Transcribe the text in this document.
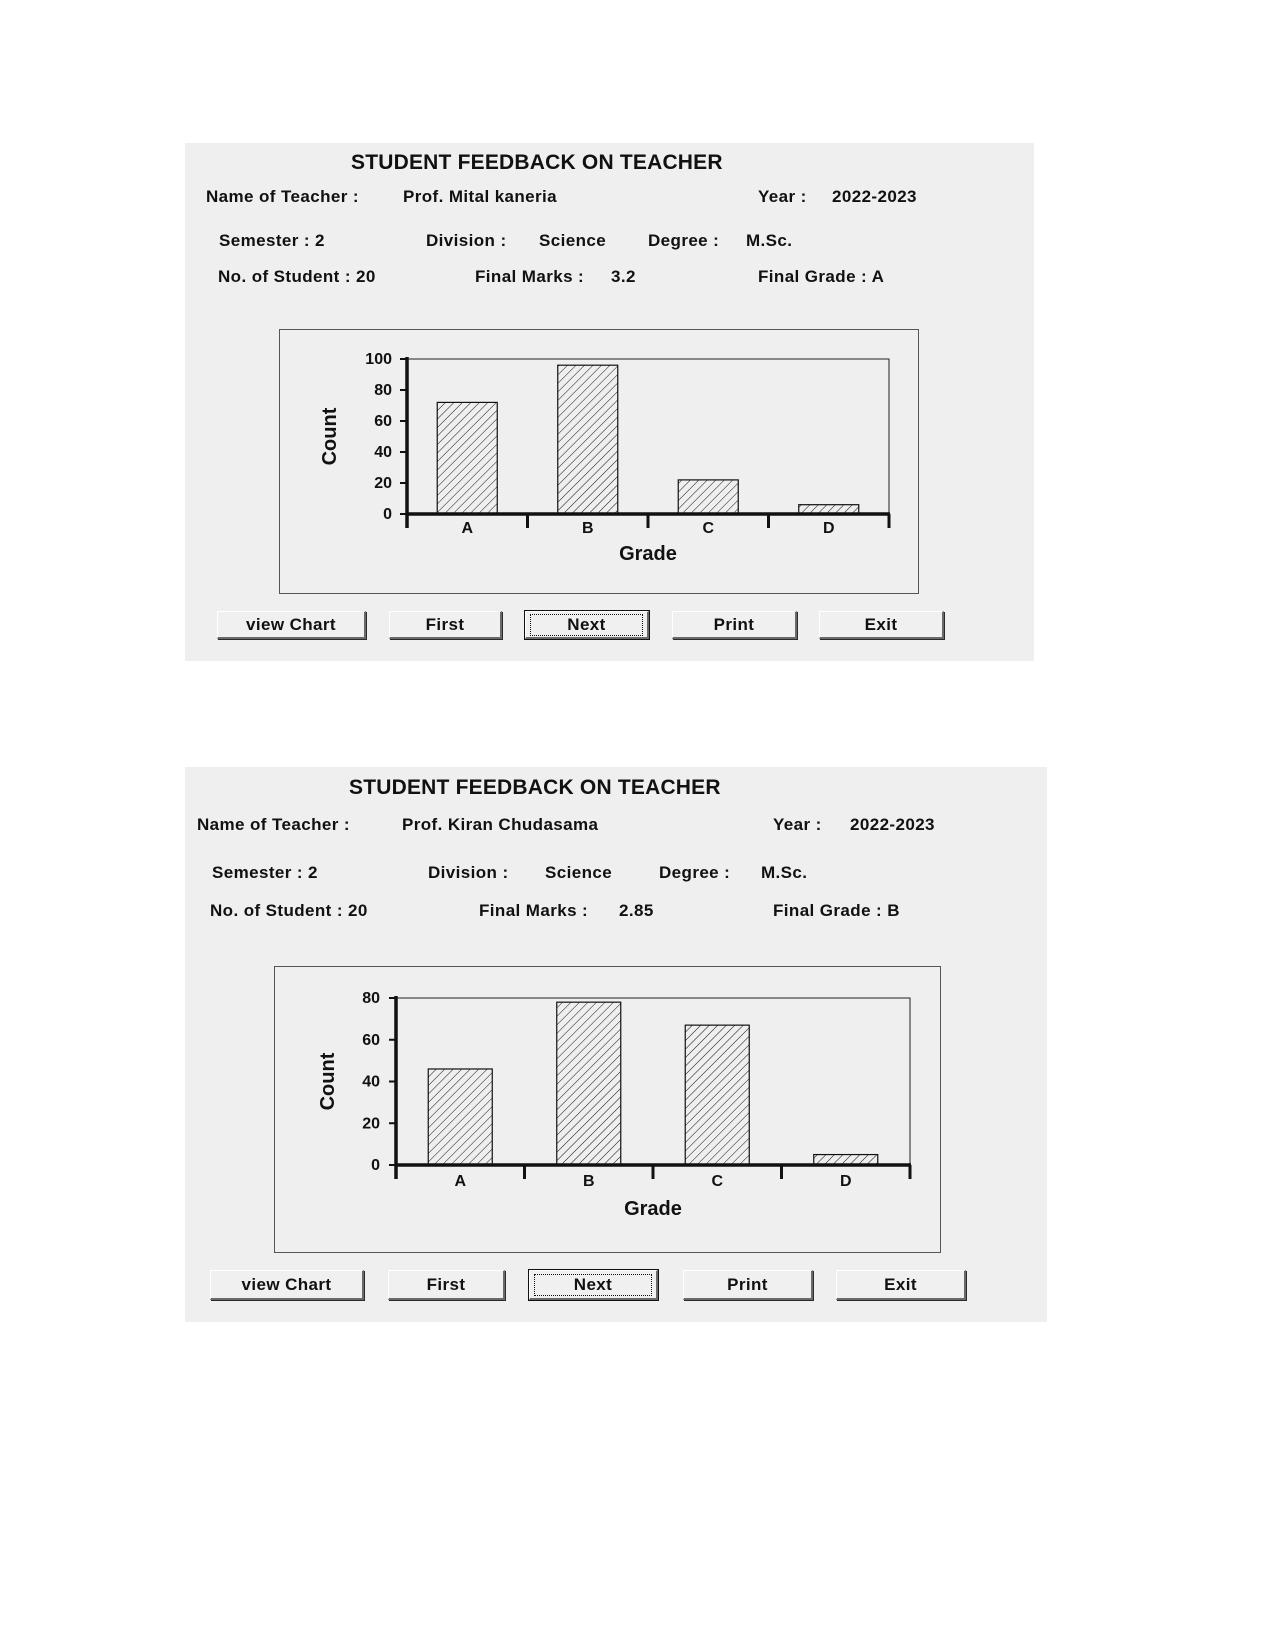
STUDENT FEEDBACK ON TEACHER
Name of Teacher :	Prof. Mital kaneria	Year : 2022-2023
Semester : 2	Division : Science Degree : M.Sc.
No. of Student : 20	Final Marks : 3.2	Final Grade : A
0
20
40
60
80
100
A	B	C	D
Grade
Count
view Chart	First	Next	Print	Exit
STUDENT FEEDBACK ON TEACHER
Name of Teacher :	Prof. Kiran Chudasama	Year : 2022-2023
Semester : 2	Division : Science	Degree : M.Sc.
No. of Student : 20	Final Marks : 2.85	Final Grade : B
0
20
40
60
80
A	B	C	D
Grade
Count
view Chart	First	Next	Print	Exit
